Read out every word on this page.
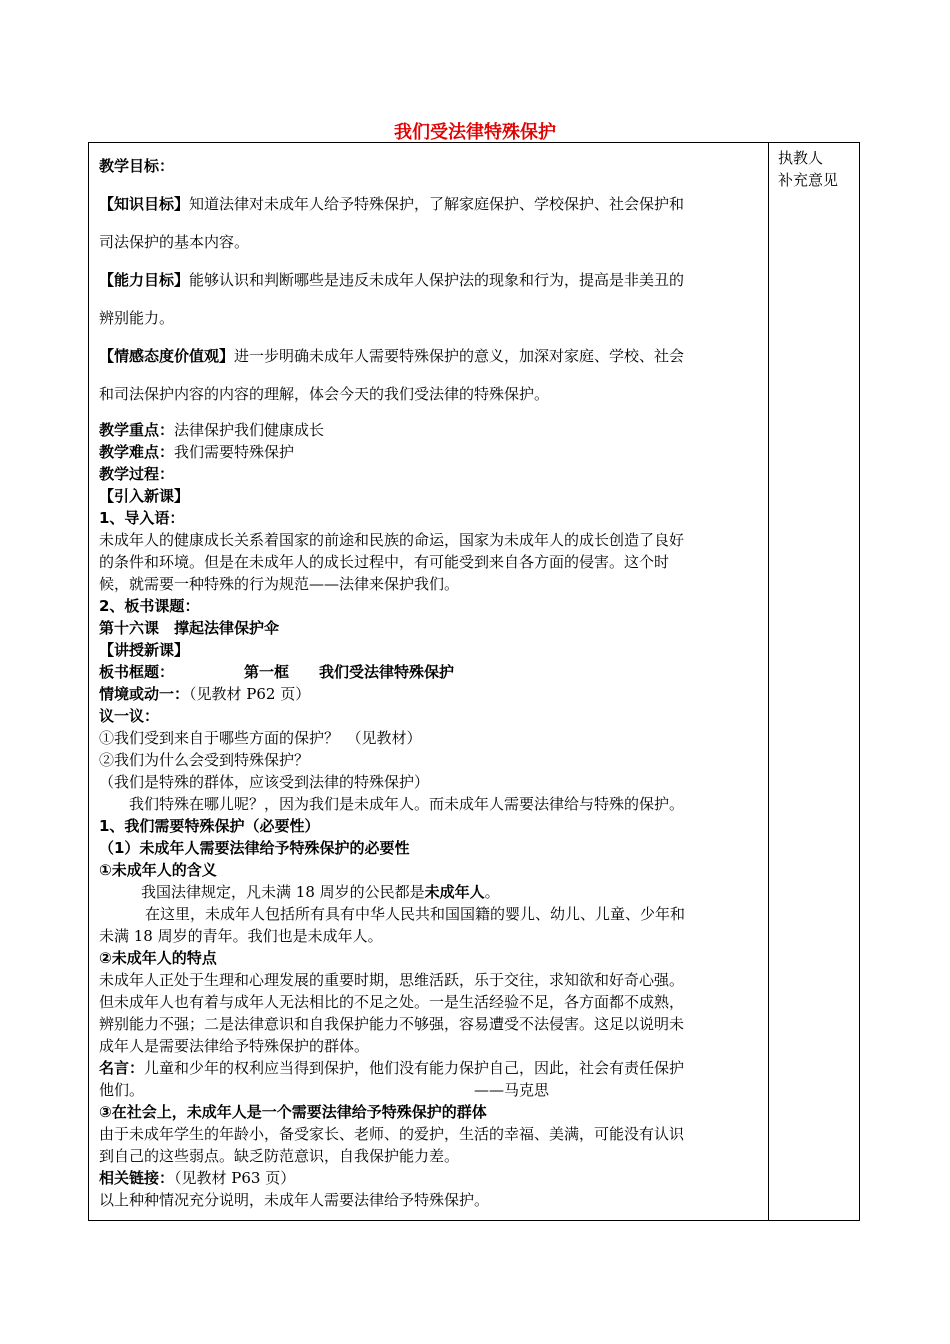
我们受法律特殊保护
执教人
补充意见

教学目标：

【知识目标】知道法律对未成年人给予特殊保护，了解家庭保护、学校保护、社会保护和

司法保护的基本内容。

【能力目标】能够认识和判断哪些是违反未成年人保护法的现象和行为，提高是非美丑的

辨别能力。

【情感态度价值观】进一步明确未成年人需要特殊保护的意义，加深对家庭、学校、社会

和司法保护内容的内容的理解，体会今天的我们受法律的特殊保护。

教学重点：法律保护我们健康成长

教学难点：我们需要特殊保护

教学过程：

【引入新课】

1、导入语：

未成年人的健康成长关系着国家的前途和民族的命运，国家为未成年人的成长创造了良好

的条件和环境。但是在未成年人的成长过程中，有可能受到来自各方面的侵害。这个时

候，就需要一种特殊的行为规范——法律来保护我们。

2、板书课题：

第十六课　撑起法律保护伞

【讲授新课】

板书框题：	第一框　　我们受法律特殊保护

情境或动一：（见教材 P62 页）

议一议：

①我们受到来自于哪些方面的保护？　（见教材）

②我们为什么会受到特殊保护？

（我们是特殊的群体，应该受到法律的特殊保护）

我们特殊在哪儿呢？，因为我们是未成年人。而未成年人需要法律给与特殊的保护。

1、我们需要特殊保护（必要性）

（1）未成年人需要法律给予特殊保护的必要性

①未成年人的含义

我国法律规定，凡未满 18 周岁的公民都是未成年人。

在这里，未成年人包括所有具有中华人民共和国国籍的婴儿、幼儿、儿童、少年和

未满 18 周岁的青年。我们也是未成年人。

②未成年人的特点

未成年人正处于生理和心理发展的重要时期，思维活跃，乐于交往，求知欲和好奇心强。

但未成年人也有着与成年人无法相比的不足之处。一是生活经验不足，各方面都不成熟，

辨别能力不强；二是法律意识和自我保护能力不够强，容易遭受不法侵害。这足以说明未

成年人是需要法律给予特殊保护的群体。

名言：儿童和少年的权利应当得到保护，他们没有能力保护自己，因此，社会有责任保护

他们。	——马克思

③在社会上，未成年人是一个需要法律给予特殊保护的群体

由于未成年学生的年龄小，备受家长、老师、的爱护，生活的幸福、美满，可能没有认识

到自己的这些弱点。缺乏防范意识，自我保护能力差。

相关链接：（见教材 P63 页）

以上种种情况充分说明，未成年人需要法律给予特殊保护。
